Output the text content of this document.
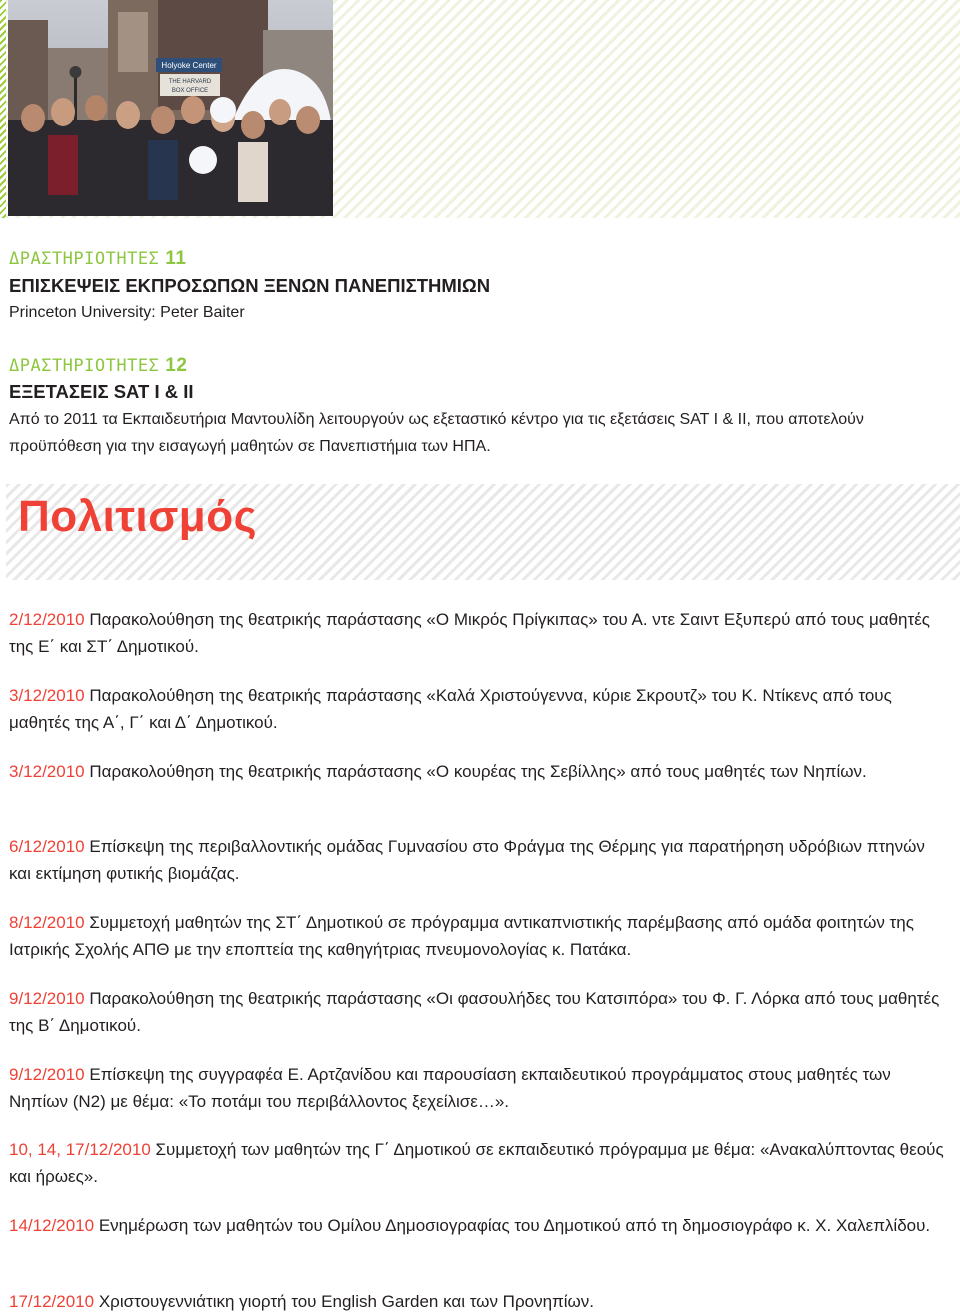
Holyoke Center
THE HARVARD
BOX OFFICE
ΔΡΑΣΤΗΡΙΟΤΗΤΕΣ 11
ΕΠΙΣΚΕΨΕΙΣ ΕΚΠΡΟΣΩΠΩΝ ΞΕΝΩΝ ΠΑΝΕΠΙΣΤΗΜΙΩΝ
Princeton University: Peter Baiter
ΔΡΑΣΤΗΡΙΟΤΗΤΕΣ 12
ΕΞΕΤΑΣΕΙΣ SAT I & II
Από το 2011 τα Εκπαιδευτήρια Μαντουλίδη λειτουργούν ως εξεταστικό κέντρο για τις εξετάσεις SAT I & II, που αποτελούν προϋπόθεση για την εισαγωγή μαθητών σε Πανεπιστήμια των ΗΠΑ.
Πολιτισμός
2/12/2010 Παρακολούθηση της θεατρικής παράστασης «Ο Μικρός Πρίγκιπας» του Α. ντε Σαιντ Εξυπερύ από τους μαθητές της Ε΄ και ΣΤ΄ Δημοτικού.
3/12/2010 Παρακολούθηση της θεατρικής παράστασης «Καλά Χριστούγεννα, κύριε Σκρουτζ» του Κ. Ντίκενς από τους μαθητές της Α΄, Γ΄ και Δ΄ Δημοτικού.
3/12/2010 Παρακολούθηση της θεατρικής παράστασης «Ο κουρέας της Σεβίλλης» από τους μαθητές των Νηπίων.
6/12/2010 Επίσκεψη της περιβαλλοντικής ομάδας Γυμνασίου στο Φράγμα της Θέρμης για παρατήρηση υδρόβιων πτηνών και εκτίμηση φυτικής βιομάζας.
8/12/2010 Συμμετοχή μαθητών της ΣΤ΄ Δημοτικού σε πρόγραμμα αντικαπνιστικής παρέμβασης από ομάδα φοιτητών της Ιατρικής Σχολής ΑΠΘ με την εποπτεία της καθηγήτριας πνευμονολογίας κ. Πατάκα.
9/12/2010 Παρακολούθηση της θεατρικής παράστασης «Οι φασουλήδες του Κατσιπόρα» του Φ. Γ. Λόρκα από τους μαθητές της Β΄ Δημοτικού.
9/12/2010 Επίσκεψη της συγγραφέα Ε. Αρτζανίδου και παρουσίαση εκπαιδευτικού προγράμματος στους μαθητές των Νηπίων (Ν2) με θέμα: «Το ποτάμι του περιβάλλοντος ξεχείλισε…».
10, 14, 17/12/2010 Συμμετοχή των μαθητών της Γ΄ Δημοτικού σε εκπαιδευτικό πρόγραμμα με θέμα: «Ανακαλύπτοντας θεούς και ήρωες».
14/12/2010 Ενημέρωση των μαθητών του Ομίλου Δημοσιογραφίας του Δημοτικού από τη δημοσιογράφο κ. Χ. Χαλεπλίδου.
17/12/2010 Χριστουγεννιάτικη γιορτή του English Garden και των Προνηπίων.
